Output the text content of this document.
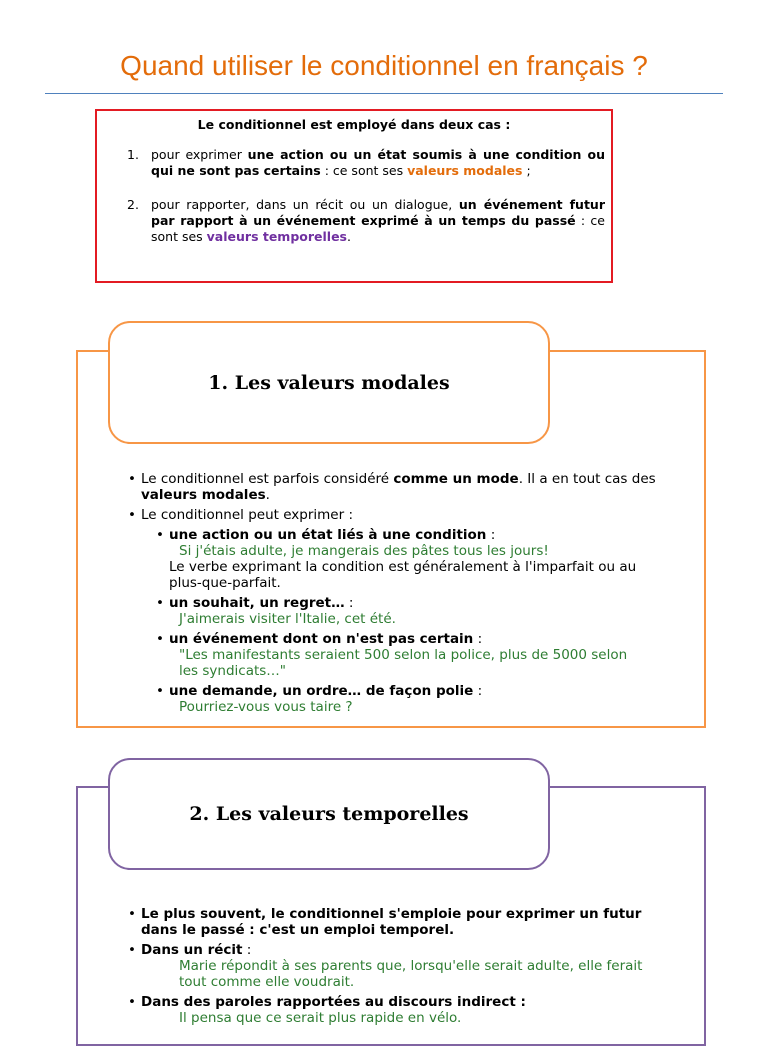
Quand utiliser le conditionnel en français ?
Le conditionnel est employé dans deux cas :
1. pour exprimer une action ou un état soumis à une condition ou qui ne sont pas certains : ce sont ses valeurs modales ;
2. pour rapporter, dans un récit ou un dialogue, un événement futur par rapport à un événement exprimé à un temps du passé : ce sont ses valeurs temporelles.
1. Les valeurs modales
• Le conditionnel est parfois considéré comme un mode. Il a en tout cas des valeurs modales.
• Le conditionnel peut exprimer :
• une action ou un état liés à une condition :
Si j'étais adulte, je mangerais des pâtes tous les jours!
Le verbe exprimant la condition est généralement à l'imparfait ou au plus-que-parfait.
• un souhait, un regret… :
J'aimerais visiter l'Italie, cet été.
• un événement dont on n'est pas certain :
"Les manifestants seraient 500 selon la police, plus de 5000 selon les syndicats…"
• une demande, un ordre… de façon polie :
Pourriez-vous vous taire ?
2. Les valeurs temporelles
• Le plus souvent, le conditionnel s'emploie pour exprimer un futur dans le passé : c'est un emploi temporel.
• Dans un récit :
Marie répondit à ses parents que, lorsqu'elle serait adulte, elle ferait tout comme elle voudrait.
• Dans des paroles rapportées au discours indirect :
Il pensa que ce serait plus rapide en vélo.
